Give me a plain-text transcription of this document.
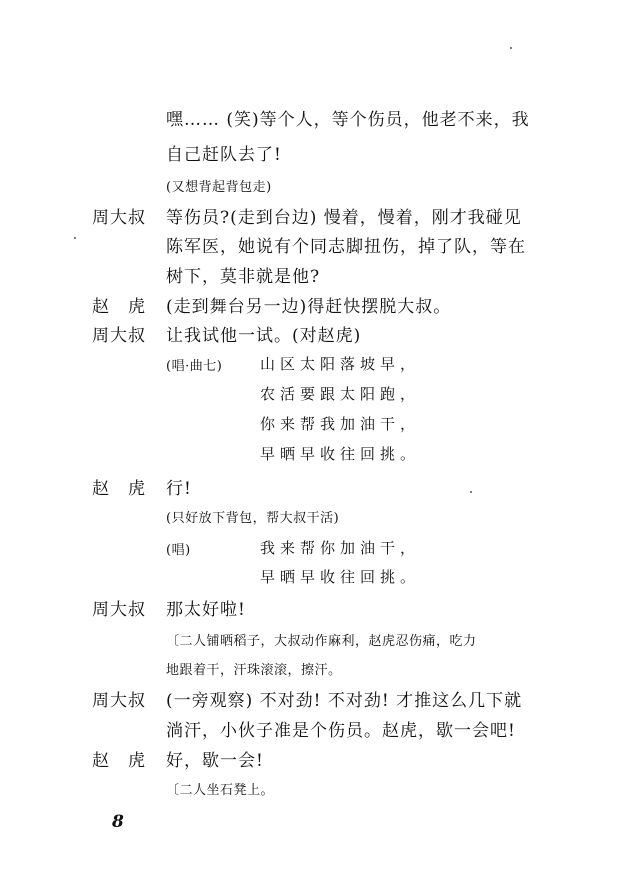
嘿…… (笑)等个人，等个伤员，他老不来，我
自己赶队去了!
(又想背起背包走)
周大叔 等伤员?(走到台边) 慢着，慢着，刚才我碰见
陈军医，她说有个同志脚扭伤，掉了队，等在
树下，莫非就是他?
赵　虎 (走到舞台另一边)得赶快摆脱大叔。
周大叔 让我试他一试。(对赵虎)
(唱·曲七)	山区太阳落坡早，
农活要跟太阳跑，
你来帮我加油干，
早晒早收往回挑。
赵　虎 行!
(只好放下背包，帮大叔干活)
(唱)	我来帮你加油干，
早晒早收往回挑。
周大叔 那太好啦!
〔二人铺晒稻子，大叔动作麻利，赵虎忍伤痛，吃力
地跟着干，汗珠滚滚，擦汗。
周大叔 (一旁观察) 不对劲! 不对劲! 才推这么几下就
淌汗，小伙子准是个伤员。赵虎，歇一会吧!
赵　虎 好，歇一会!
〔二人坐石凳上。
8
